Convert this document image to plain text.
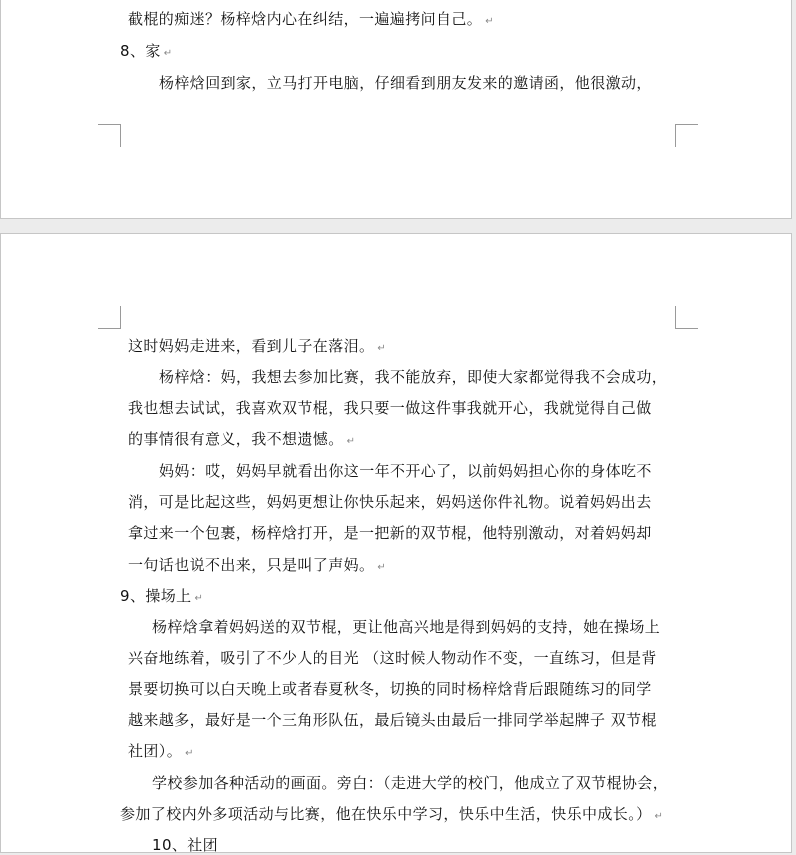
截棍的痴迷？杨梓焓内心在纠结，一遍遍拷问自己。 ↵
8、家 ↵
杨梓焓回到家，立马打开电脑，仔细看到朋友发来的邀请函，他很激动，
这时妈妈走进来，看到儿子在落泪。 ↵
杨梓焓：妈，我想去参加比赛，我不能放弃，即使大家都觉得我不会成功，
我也想去试试，我喜欢双节棍，我只要一做这件事我就开心，我就觉得自己做
的事情很有意义，我不想遗憾。 ↵
妈妈：哎，妈妈早就看出你这一年不开心了，以前妈妈担心你的身体吃不
消，可是比起这些，妈妈更想让你快乐起来，妈妈送你件礼物。说着妈妈出去
拿过来一个包裹，杨梓焓打开，是一把新的双节棍，他特别激动，对着妈妈却
一句话也说不出来，只是叫了声妈。 ↵
9、操场上 ↵
杨梓焓拿着妈妈送的双节棍，更让他高兴地是得到妈妈的支持，她在操场上
兴奋地练着，吸引了不少人的目光 （这时候人物动作不变，一直练习，但是背
景要切换可以白天晚上或者春夏秋冬，切换的同时杨梓焓背后跟随练习的同学
越来越多，最好是一个三角形队伍，最后镜头由最后一排同学举起牌子 双节棍
社团）。 ↵
学校参加各种活动的画面。旁白：（走进大学的校门，他成立了双节棍协会，
参加了校内外多项活动与比赛，他在快乐中学习，快乐中生活，快乐中成长。） ↵
10、社团
